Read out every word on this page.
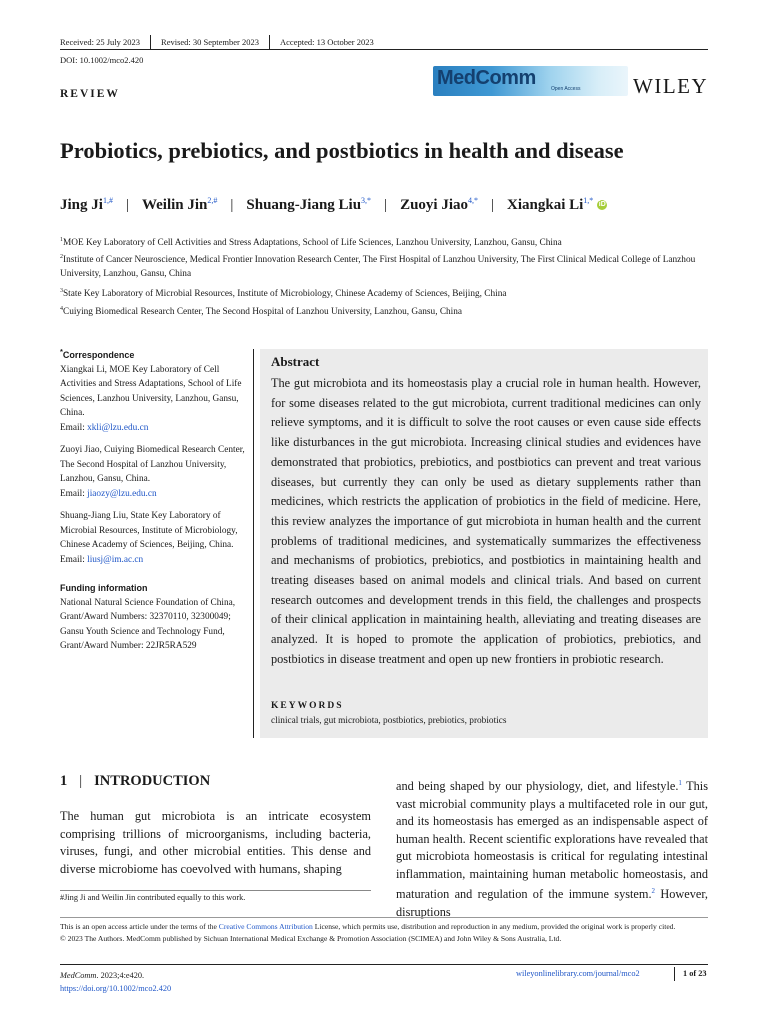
Received: 25 July 2023	Revised: 30 September 2023	Accepted: 13 October 2023
DOI: 10.1002/mco2.420
REVIEW
MedComm	Open Access	WILEY
Probiotics, prebiotics, and postbiotics in health and disease
Jing $Ji^{1,\#}$ | Weilin Jin$^{2,\#}$ | Shuang-Jiang Liu$^{3,*}$ | Zuoyi Jiao$^{4,*}$ | Xiangkai $Li^{1,*}$ iD
$^1$MOE Key Laboratory of Cell Activities and Stress Adaptations, School of Life Sciences, Lanzhou University, Lanzhou, Gansu, China
$^2$Institute of Cancer Neuroscience, Medical Frontier Innovation Research Center, The First Hospital of Lanzhou University, The First Clinical Medical College of Lanzhou University, Lanzhou, Gansu, China
$^3$State Key Laboratory of Microbial Resources, Institute of Microbiology, Chinese Academy of Sciences, Beijing, China
$^4$Cuiying Biomedical Research Center, The Second Hospital of Lanzhou University, Lanzhou, Gansu, China
*Correspondence

Xiangkai Li, MOE Key Laboratory of Cell Activities and Stress Adaptations, School of Life Sciences, Lanzhou University, Lanzhou, Gansu, China.
Email: xkli@lzu.edu.cn

Zuoyi Jiao, Cuiying Biomedical Research Center, The Second Hospital of Lanzhou University, Lanzhou, Gansu, China.
Email: jiaozy@lzu.edu.cn

Shuang-Jiang Liu, State Key Laboratory of Microbial Resources, Institute of Microbiology, Chinese Academy of Sciences, Beijing, China.
Email: liusj@im.ac.cn

Funding information
National Natural Science Foundation of China, Grant/Award Numbers: 32370110, 32300049; Gansu Youth Science and Technology Fund, Grant/Award Number: 22JR5RA529
Abstract
The gut microbiota and its homeostasis play a crucial role in human health. However, for some diseases related to the gut microbiota, current traditional medicines can only relieve symptoms, and it is difficult to solve the root causes or even cause side effects like disturbances in the gut microbiota. Increasing clinical studies and evidences have demonstrated that probiotics, prebiotics, and postbiotics can prevent and treat various diseases, but currently they can only be used as dietary supplements rather than medicines, which restricts the application of probiotics in the field of medicine. Here, this review analyzes the importance of gut microbiota in human health and the current problems of traditional medicines, and systematically summarizes the effectiveness and mechanisms of probiotics, prebiotics, and postbiotics in maintaining health and treating diseases based on animal models and clinical trials. And based on current research outcomes and development trends in this field, the challenges and prospects of their clinical application in maintaining health, alleviating and treating diseases are analyzed. It is hoped to promote the application of probiotics, prebiotics, and postbiotics in disease treatment and open up new frontiers in probiotic research.
KEYWORDS
clinical trials, gut microbiota, postbiotics, prebiotics, probiotics
1 | INTRODUCTION
The human gut microbiota is an intricate ecosystem comprising trillions of microorganisms, including bacteria, viruses, fungi, and other microbial entities. This dense and diverse microbiome has coevolved with humans, shaping
and being shaped by our physiology, diet, and lifestyle.$^1$ This vast microbial community plays a multifaceted role in our gut, and its homeostasis has emerged as an indispensable aspect of human health. Recent scientific explorations have revealed that gut microbiota homeostasis is critical for regulating intestinal inflammation, maintaining human metabolic homeostasis, and maturation and regulation of the immune system.$^2$ However, disruptions
#Jing Ji and Weilin Jin contributed equally to this work.
This is an open access article under the terms of the Creative Commons Attribution License, which permits use, distribution and reproduction in any medium, provided the original work is properly cited.
© 2023 The Authors. MedComm published by Sichuan International Medical Exchange & Promotion Association (SCIMEA) and John Wiley & Sons Australia, Ltd.
MedComm. 2023;4:e420.
https://doi.org/10.1002/mco2.420
wileyonlinelibrary.com/journal/mco2	1 of 23
